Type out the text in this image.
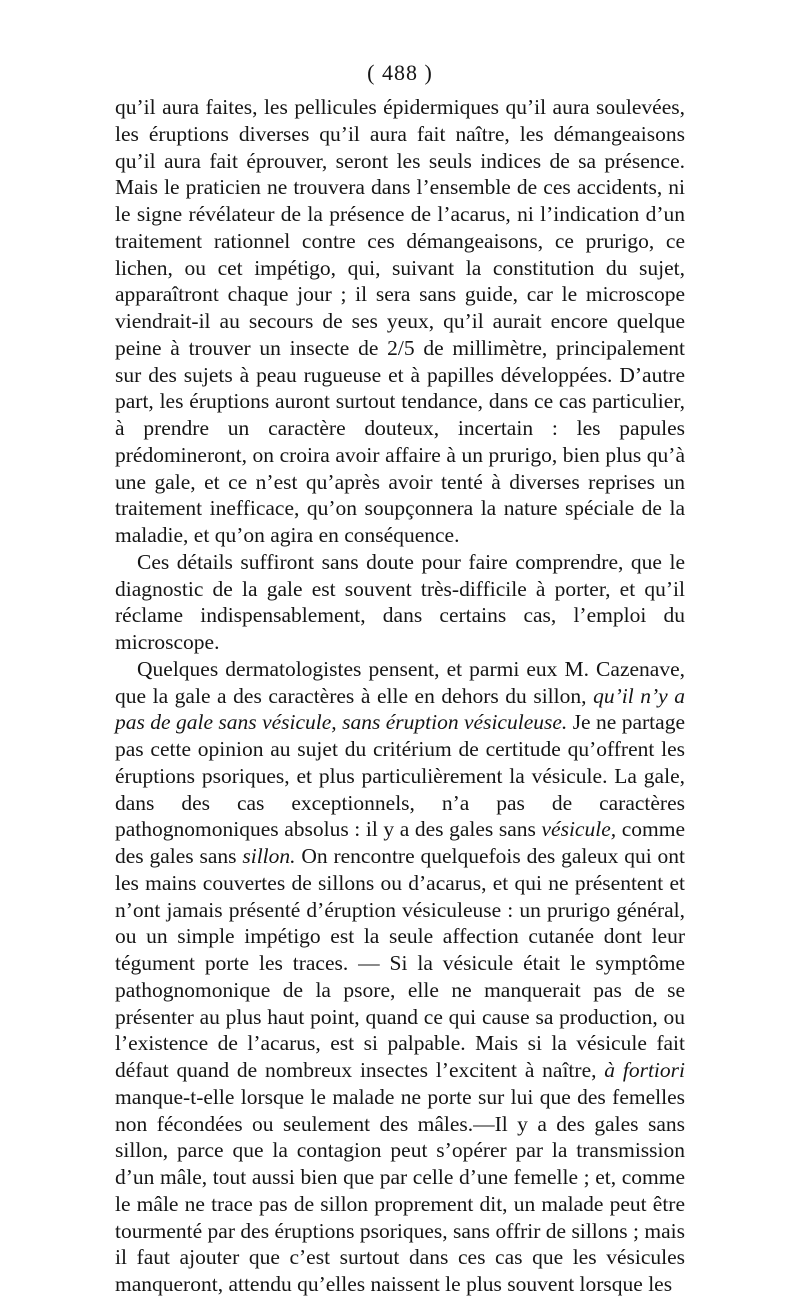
( 488 )

qu’il aura faites, les pellicules épidermiques qu’il aura soulevées, les éruptions diverses qu’il aura fait naître, les démangeaisons qu’il aura fait éprouver, seront les seuls indices de sa présence. Mais le praticien ne trouvera dans l’ensemble de ces accidents, ni le signe révélateur de la présence de l’acarus, ni l’indication d’un traitement rationnel contre ces démangeaisons, ce prurigo, ce lichen, ou cet impétigo, qui, suivant la constitution du sujet, apparaîtront chaque jour ; il sera sans guide, car le microscope viendrait-il au secours de ses yeux, qu’il aurait encore quelque peine à trouver un insecte de 2/5 de millimètre, principalement sur des sujets à peau rugueuse et à papilles développées. D’autre part, les éruptions auront surtout tendance, dans ce cas particulier, à prendre un caractère douteux, incertain : les papules prédomineront, on croira avoir affaire à un prurigo, bien plus qu’à une gale, et ce n’est qu’après avoir tenté à diverses reprises un traitement inefficace, qu’on soupçonnera la nature spéciale de la maladie, et qu’on agira en conséquence.

Ces détails suffiront sans doute pour faire comprendre, que le diagnostic de la gale est souvent très-difficile à porter, et qu’il réclame indispensablement, dans certains cas, l’emploi du microscope.

Quelques dermatologistes pensent, et parmi eux M. Cazenave, que la gale a des caractères à elle en dehors du sillon, qu’il n’y a pas de gale sans vésicule, sans éruption vésiculeuse. Je ne partage pas cette opinion au sujet du critérium de certitude qu’offrent les éruptions psoriques, et plus particulièrement la vésicule. La gale, dans des cas exceptionnels, n’a pas de caractères pathognomoniques absolus : il y a des gales sans vésicule, comme des gales sans sillon. On rencontre quelquefois des galeux qui ont les mains couvertes de sillons ou d’acarus, et qui ne présentent et n’ont jamais présenté d’éruption vésiculeuse : un prurigo général, ou un simple impétigo est la seule affection cutanée dont leur tégument porte les traces. — Si la vésicule était le symptôme pathognomonique de la psore, elle ne manquerait pas de se présenter au plus haut point, quand ce qui cause sa production, ou l’existence de l’acarus, est si palpable. Mais si la vésicule fait défaut quand de nombreux insectes l’excitent à naître, à fortiori manque-t-elle lorsque le malade ne porte sur lui que des femelles non fécondées ou seulement des mâles.—Il y a des gales sans sillon, parce que la contagion peut s’opérer par la transmission d’un mâle, tout aussi bien que par celle d’une femelle ; et, comme le mâle ne trace pas de sillon proprement dit, un malade peut être tourmenté par des éruptions psoriques, sans offrir de sillons ; mais il faut ajouter que c’est surtout dans ces cas que les vésicules manqueront, attendu qu’elles naissent le plus souvent lorsque les
